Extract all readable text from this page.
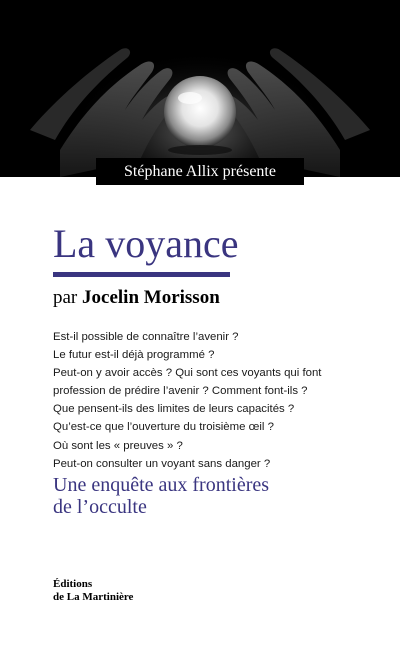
Stéphane Allix présente
La voyance
par Jocelin Morisson
Est-il possible de connaître l’avenir ?
Le futur est-il déjà programmé ?
Peut-on y avoir accès ? Qui sont ces voyants qui font
profession de prédire l’avenir ? Comment font-ils ?
Que pensent-ils des limites de leurs capacités ?
Qu’est-ce que l’ouverture du troisième œil ?
Où sont les « preuves » ?
Peut-on consulter un voyant sans danger ?
Une enquête aux frontières
de l’occulte
Éditions
de La Martinière
